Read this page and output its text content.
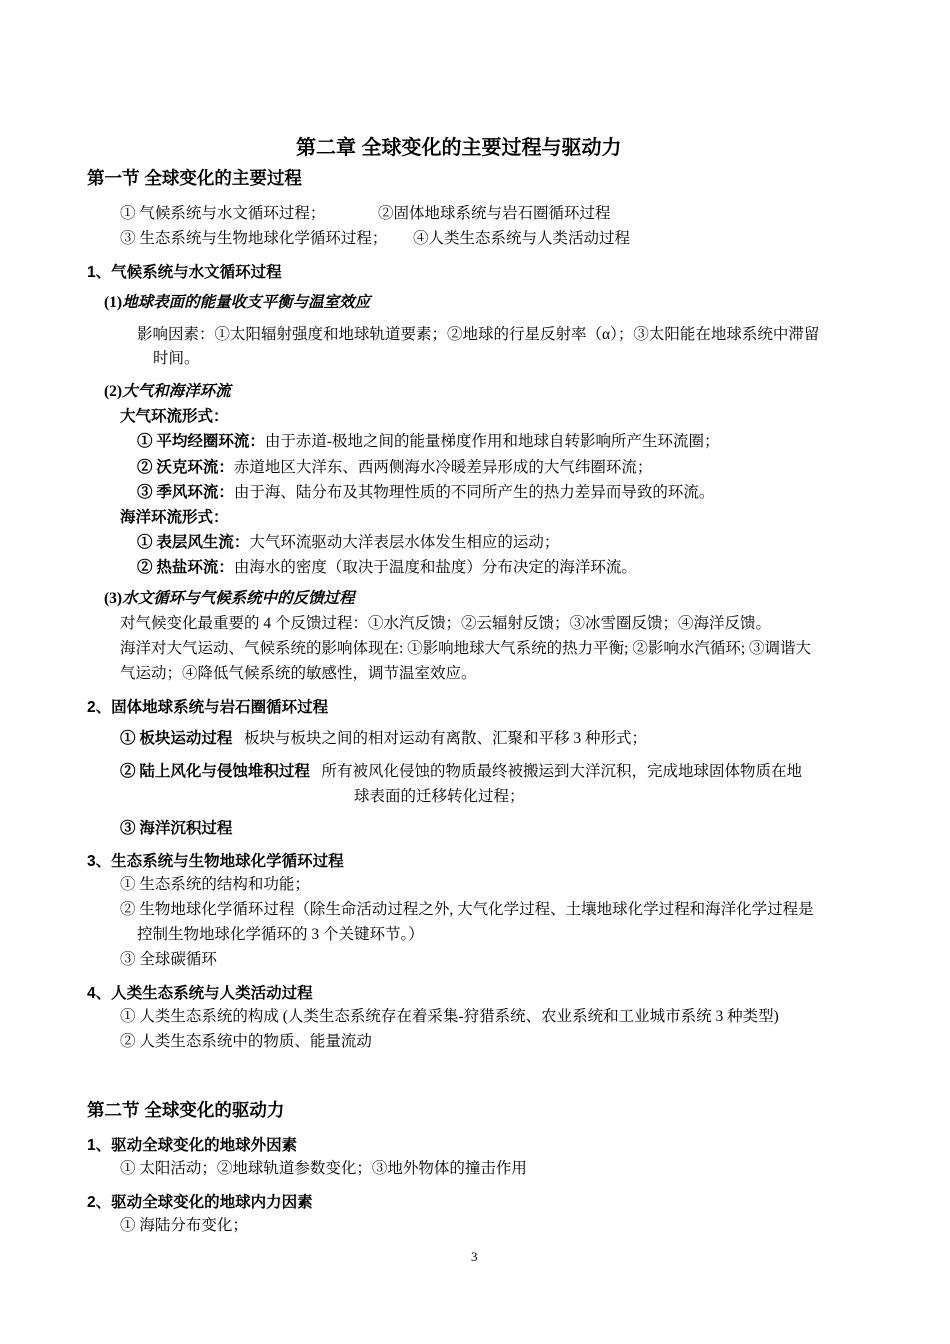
第二章 全球变化的主要过程与驱动力
第一节 全球变化的主要过程
① 气候系统与水文循环过程；	②固体地球系统与岩石圈循环过程
③ 生态系统与生物地球化学循环过程； ④人类生态系统与人类活动过程
1、气候系统与水文循环过程
(1)地球表面的能量收支平衡与温室效应
影响因素：①太阳辐射强度和地球轨道要素；②地球的行星反射率（α）；③太阳能在地球系统中滞留
时间。
(2)大气和海洋环流
大气环流形式：
① 平均经圈环流：由于赤道-极地之间的能量梯度作用和地球自转影响所产生环流圈；
② 沃克环流：赤道地区大洋东、西两侧海水冷暖差异形成的大气纬圈环流；
③ 季风环流：由于海、陆分布及其物理性质的不同所产生的热力差异而导致的环流。
海洋环流形式：
① 表层风生流：大气环流驱动大洋表层水体发生相应的运动；
② 热盐环流：由海水的密度（取决于温度和盐度）分布决定的海洋环流。
(3)水文循环与气候系统中的反馈过程
对气候变化最重要的 4 个反馈过程：①水汽反馈；②云辐射反馈；③冰雪圈反馈；④海洋反馈。
海洋对大气运动、气候系统的影响体现在: ①影响地球大气系统的热力平衡; ②影响水汽循环; ③调谐大
气运动；④降低气候系统的敏感性，调节温室效应。
2、固体地球系统与岩石圈循环过程
① 板块运动过程 板块与板块之间的相对运动有离散、汇聚和平移 3 种形式；
② 陆上风化与侵蚀堆积过程 所有被风化侵蚀的物质最终被搬运到大洋沉积，完成地球固体物质在地
球表面的迁移转化过程；
③ 海洋沉积过程
3、生态系统与生物地球化学循环过程
① 生态系统的结构和功能；
② 生物地球化学循环过程（除生命活动过程之外, 大气化学过程、土壤地球化学过程和海洋化学过程是
控制生物地球化学循环的 3 个关键环节。）
③ 全球碳循环
4、人类生态系统与人类活动过程
① 人类生态系统的构成 (人类生态系统存在着采集-狩猎系统、农业系统和工业城市系统 3 种类型)
② 人类生态系统中的物质、能量流动
第二节 全球变化的驱动力
1、驱动全球变化的地球外因素
① 太阳活动；②地球轨道参数变化；③地外物体的撞击作用
2、驱动全球变化的地球内力因素
① 海陆分布变化；
3
